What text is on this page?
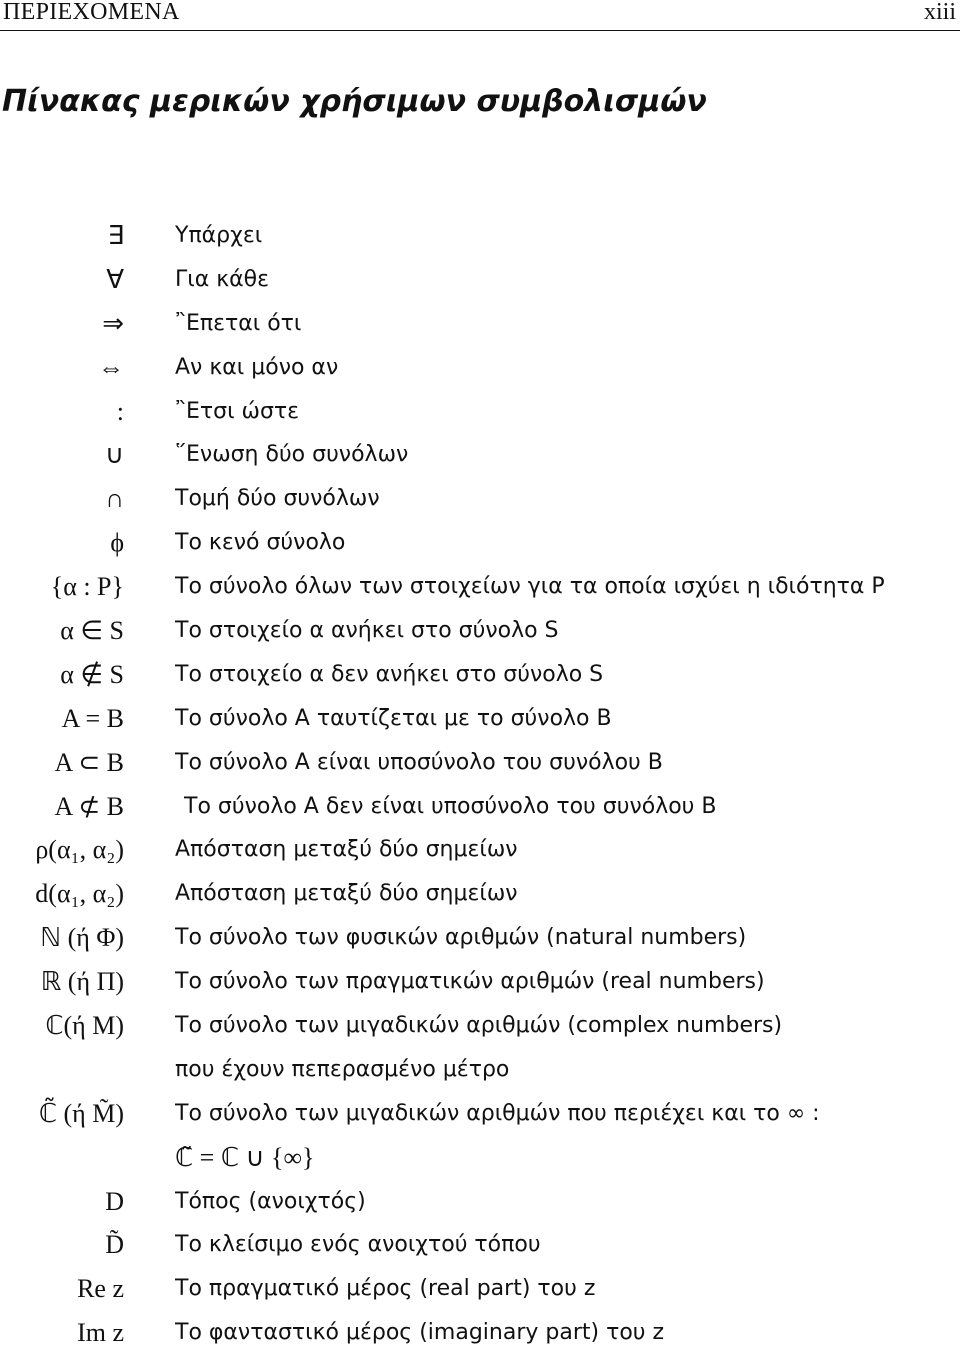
ΠΕΡΙΕΧΟΜΕΝΑ	xiii
Πίνακας μερικών χρήσιμων συμβολισμών
∃ Υπάρχει
∀ Για κάθε
⇒ ῍Επεται ότι
⇔ Αν και μόνο αν
: ῍Ετσι ώστε
∪ ῞Ενωση δύο συνόλων
∩ Τομή δύο συνόλων
ϕ Το κενό σύνολο
{α : P} Το σύνολο όλων των στοιχείων για τα οποία ισχύει η ιδιότητα P
α ∈ S Το στοιχείο α ανήκει στο σύνολο S
α ∉ S Το στοιχείο α δεν ανήκει στο σύνολο S
A = B Το σύνολο A ταυτίζεται με το σύνολο B
A ⊂ B Το σύνολο A είναι υποσύνολο του συνόλου B
A ⊄ B	Το σύνολο A δεν είναι υποσύνολο του συνόλου B
ρ(α₁, α₂) Απόσταση μεταξύ δύο σημείων
d(α₁, α₂) Απόσταση μεταξύ δύο σημείων
ℕ (ή Φ) Το σύνολο των φυσικών αριθμών (natural numbers)
ℝ (ή Π) Το σύνολο των πραγματικών αριθμών (real numbers)
ℂ(ή M) Το σύνολο των μιγαδικών αριθμών (complex numbers)
που έχουν πεπερασμένο μέτρο
ℂ̃ (ή M̃) Το σύνολο των μιγαδικών αριθμών που περιέχει και το ∞ :
ℂ̃ = ℂ ∪ {∞}
D Τόπος (ανοιχτός)
D̃ Το κλείσιμο ενός ανοιχτού τόπου
Re z Το πραγματικό μέρος (real part) του z
Im z Το φανταστικό μέρος (imaginary part) του z
